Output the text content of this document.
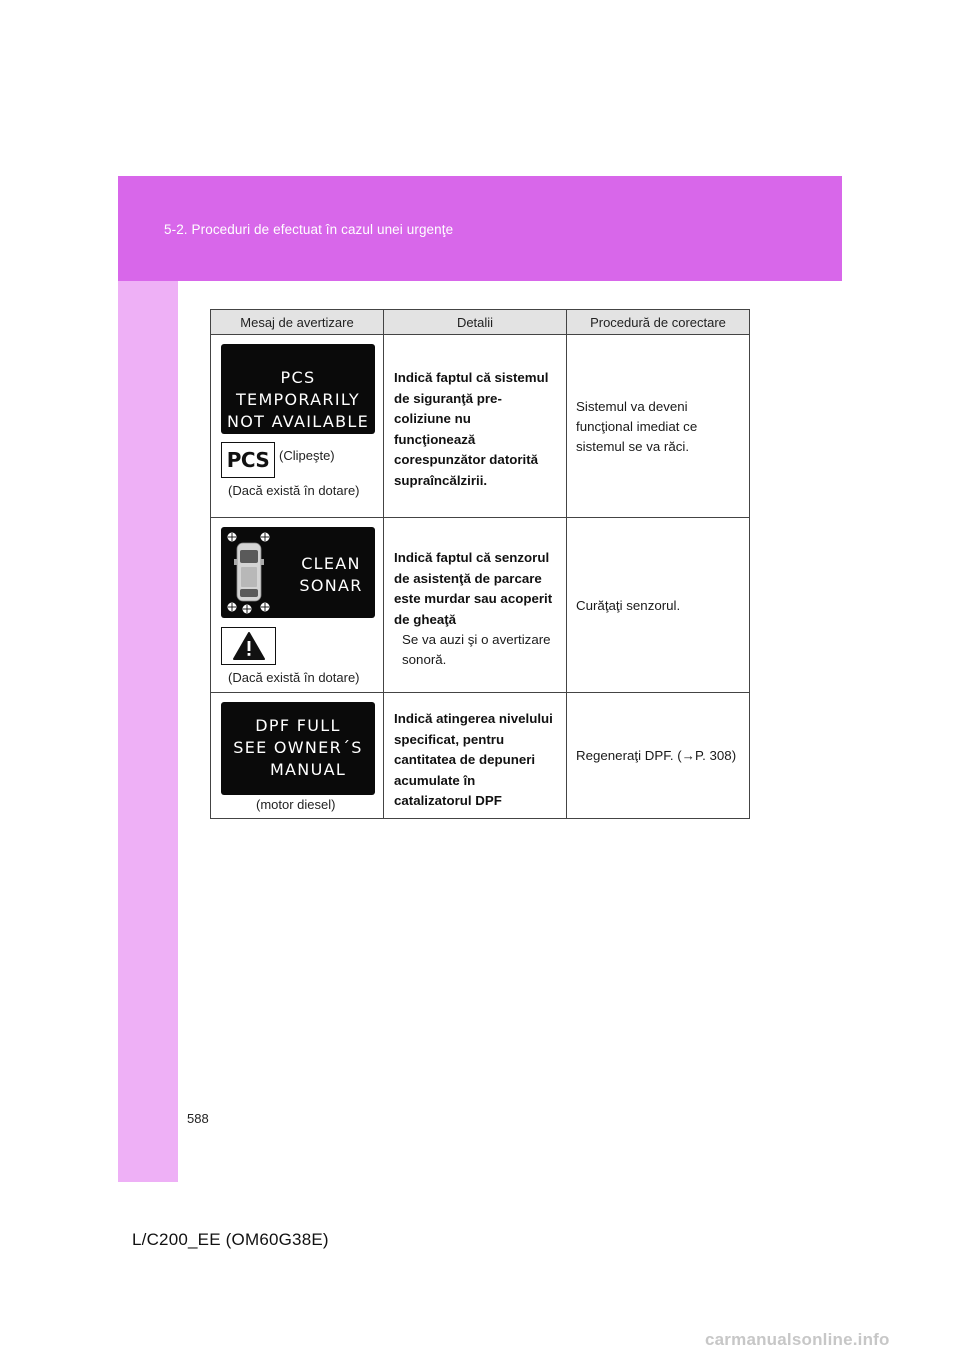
5-2. Proceduri de efectuat în cazul unei urgenţe
Mesaj de avertizare	Detalii	Procedură de corectare
PCS TEMPORARILY
NOT AVAILABLE
PCS (Clipeşte)
(Dacă există în dotare)
Indică faptul că sistemul
de siguranţă pre-
coliziune nu
funcţionează
corespunzător datorită
supraîncălzirii.
Sistemul va deveni
funcţional imediat ce
sistemul se va răci.
CLEAN
SONAR
(Dacă există în dotare)
Indică faptul că senzorul
de asistenţă de parcare
este murdar sau acoperit
de gheaţă
Se va auzi şi o avertizare
sonoră.
Curăţaţi senzorul.
DPF FULL
SEE OWNER´S
MANUAL
(motor diesel)
Indică atingerea nivelului
specificat, pentru
cantitatea de depuneri
acumulate în
catalizatorul DPF
Regeneraţi DPF. (→P. 308)
588
L/C200_EE (OM60G38E)
carmanualsonline.info
